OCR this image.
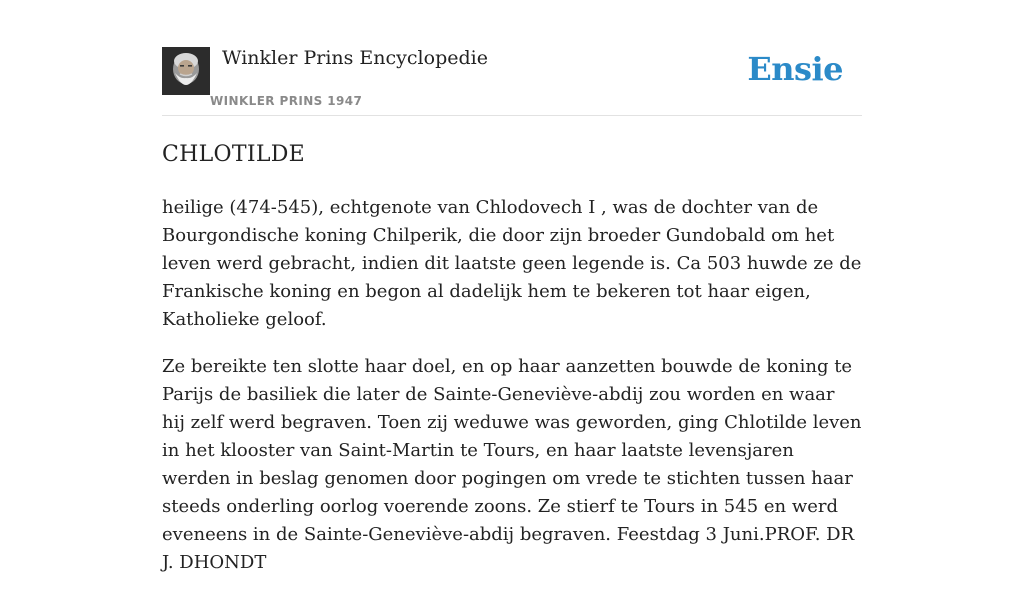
Winkler Prins Encyclopedie
WINKLER PRINS 1947
Ensie
CHLOTILDE

heilige (474-545), echtgenote van Chlodovech I , was de dochter van de Bourgondische koning Chilperik, die door zijn broeder Gundobald om het leven werd gebracht, indien dit laatste geen legende is. Ca 503 huwde ze de Frankische koning en begon al dadelijk hem te bekeren tot haar eigen, Katholieke geloof.

Ze bereikte ten slotte haar doel, en op haar aanzetten bouwde de koning te Parijs de basiliek die later de Sainte-Geneviève-abdij zou worden en waar hij zelf werd begraven. Toen zij weduwe was geworden, ging Chlotilde leven in het klooster van Saint-Martin te Tours, en haar laatste levensjaren werden in beslag genomen door pogingen om vrede te stichten tussen haar steeds onderling oorlog voerende zoons. Ze stierf te Tours in 545 en werd eveneens in de Sainte-Geneviève-abdij begraven. Feestdag 3 Juni.PROF. DR J. DHONDT
